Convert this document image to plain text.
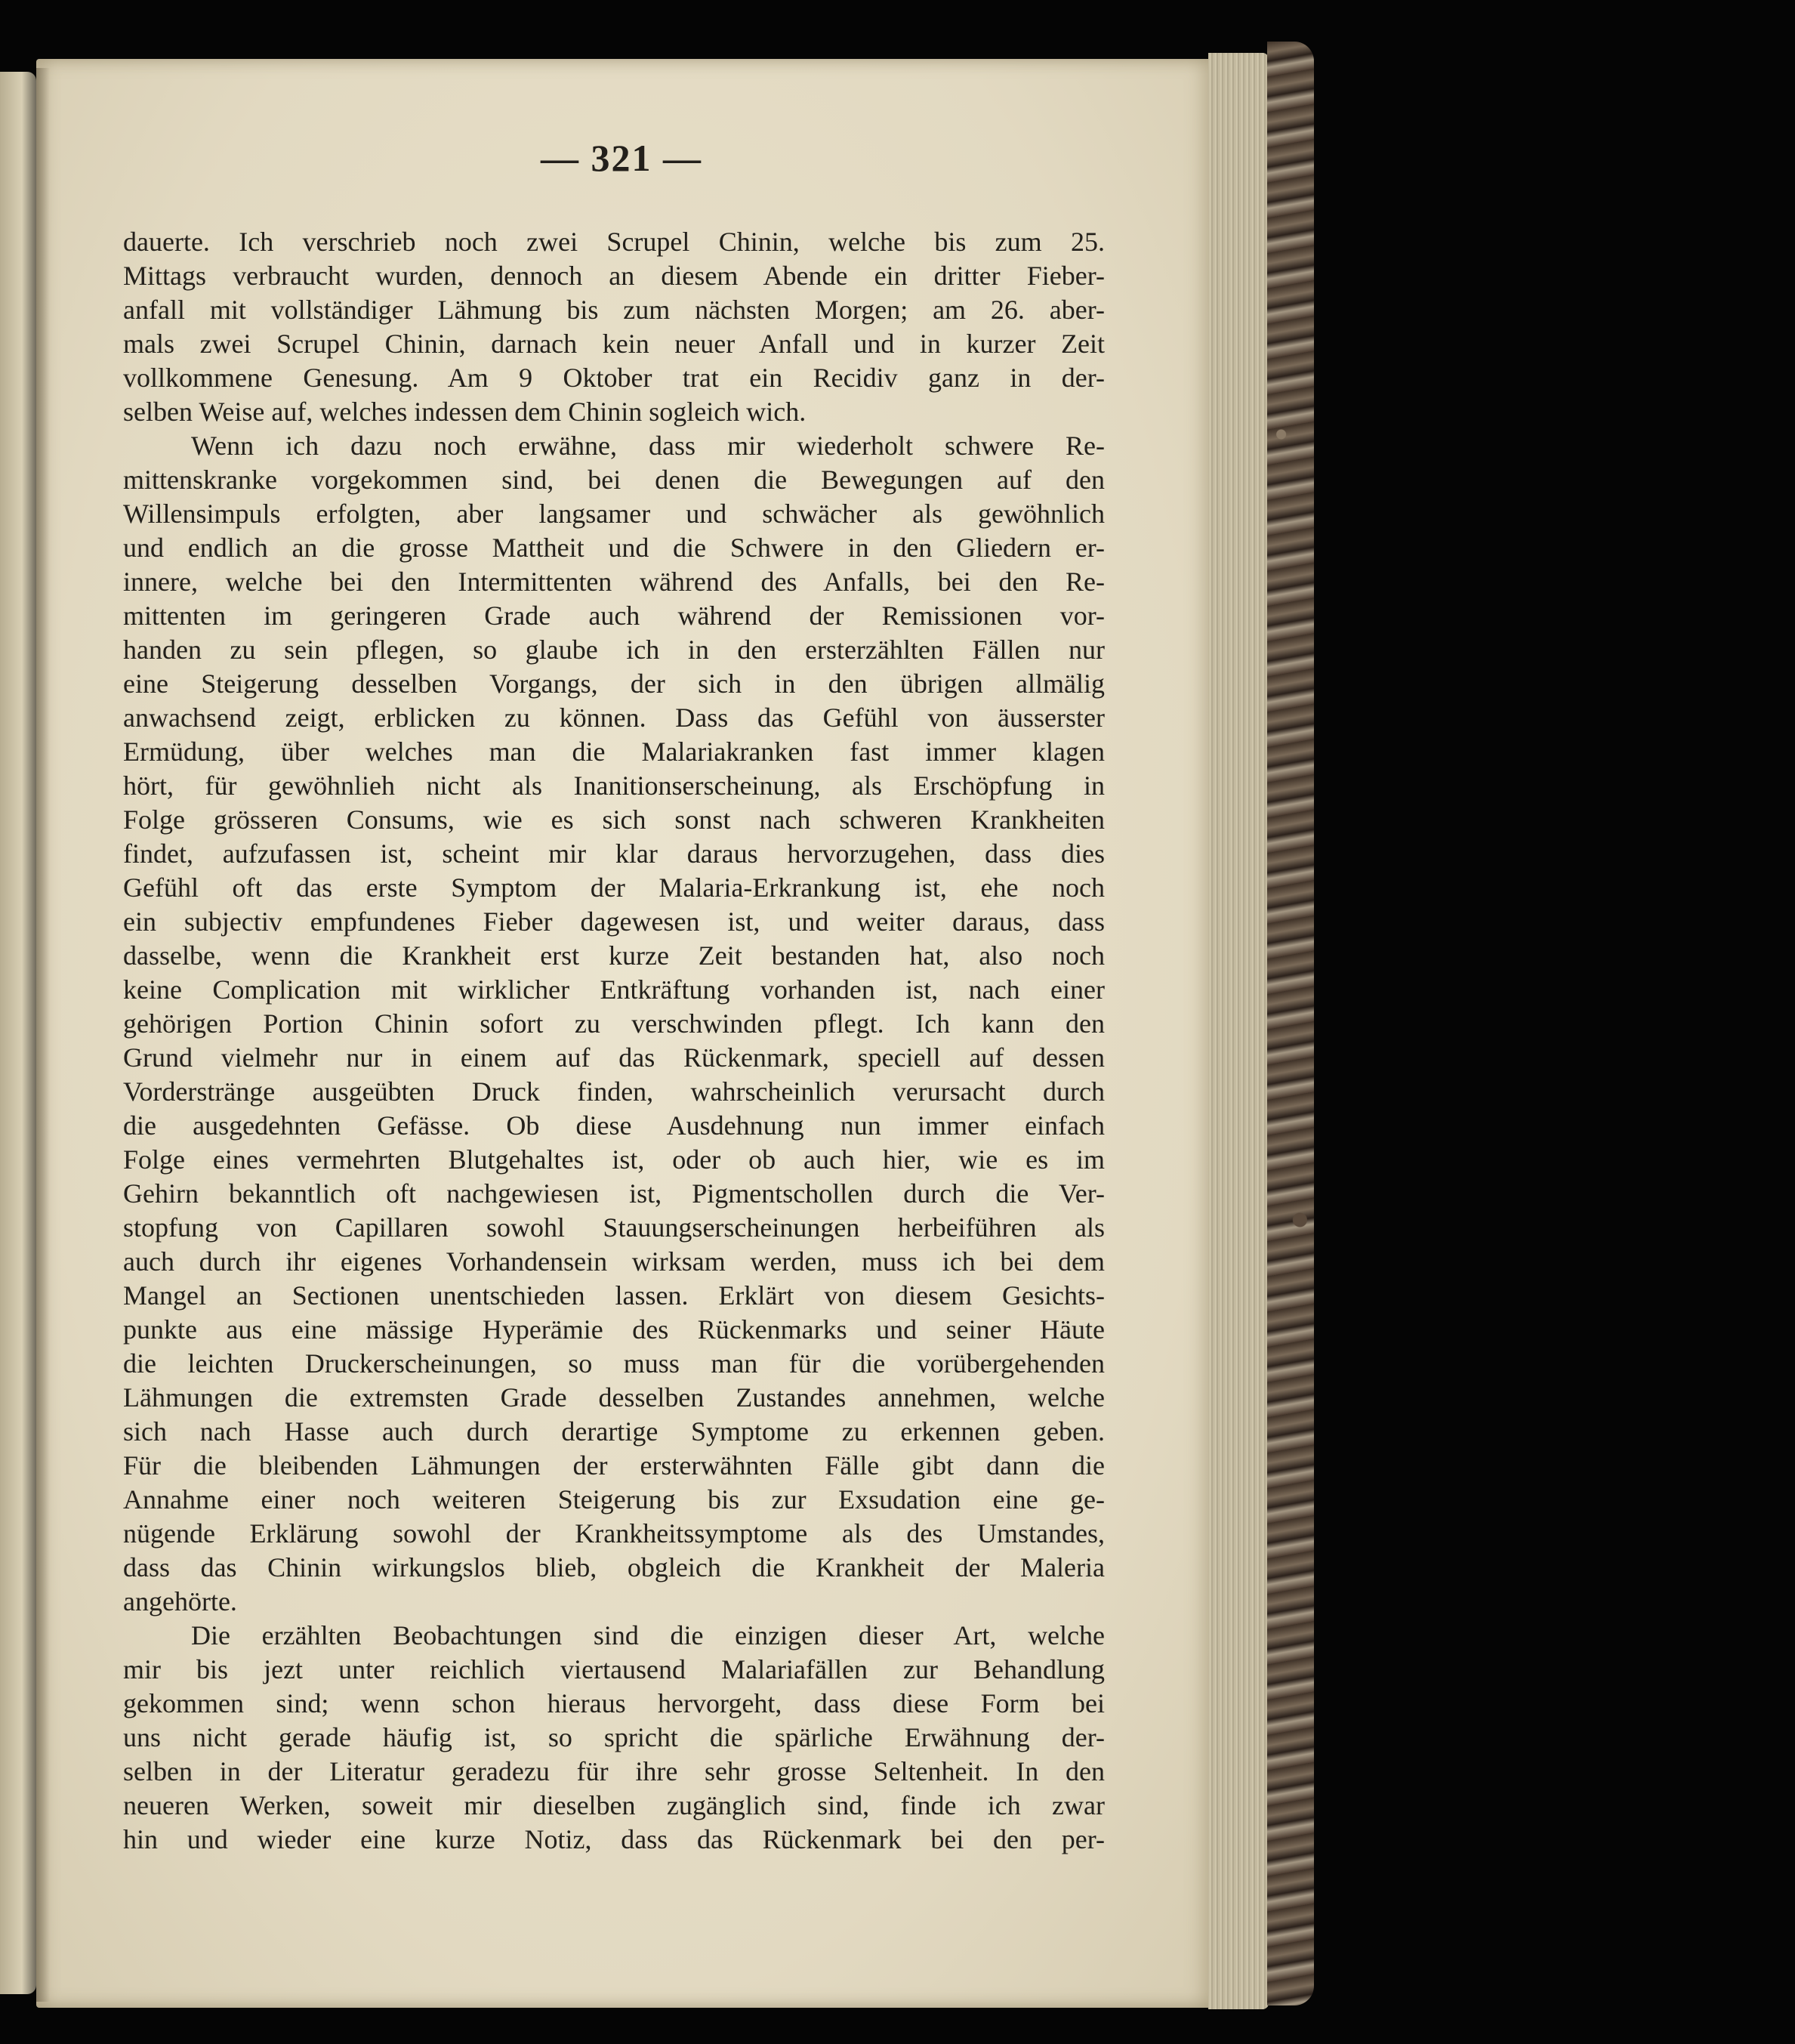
— 321 —
dauerte. Ich verschrieb noch zwei Scrupel Chinin, welche bis zum 25.
Mittags verbraucht wurden, dennoch an diesem Abende ein dritter Fieber-
anfall mit vollständiger Lähmung bis zum nächsten Morgen; am 26. aber-
mals zwei Scrupel Chinin, darnach kein neuer Anfall und in kurzer Zeit
vollkommene Genesung. Am 9 Oktober trat ein Recidiv ganz in der-
selben Weise auf, welches indessen dem Chinin sogleich wich.
Wenn ich dazu noch erwähne, dass mir wiederholt schwere Re-
mittenskranke vorgekommen sind, bei denen die Bewegungen auf den
Willensimpuls erfolgten, aber langsamer und schwächer als gewöhnlich
und endlich an die grosse Mattheit und die Schwere in den Gliedern er-
innere, welche bei den Intermittenten während des Anfalls, bei den Re-
mittenten im geringeren Grade auch während der Remissionen vor-
handen zu sein pflegen, so glaube ich in den ersterzählten Fällen nur
eine Steigerung desselben Vorgangs, der sich in den übrigen allmälig
anwachsend zeigt, erblicken zu können. Dass das Gefühl von äusserster
Ermüdung, über welches man die Malariakranken fast immer klagen
hört, für gewöhnlieh nicht als Inanitionserscheinung, als Erschöpfung in
Folge grösseren Consums, wie es sich sonst nach schweren Krankheiten
findet, aufzufassen ist, scheint mir klar daraus hervorzugehen, dass dies
Gefühl oft das erste Symptom der Malaria-Erkrankung ist, ehe noch
ein subjectiv empfundenes Fieber dagewesen ist, und weiter daraus, dass
dasselbe, wenn die Krankheit erst kurze Zeit bestanden hat, also noch
keine Complication mit wirklicher Entkräftung vorhanden ist, nach einer
gehörigen Portion Chinin sofort zu verschwinden pflegt. Ich kann den
Grund vielmehr nur in einem auf das Rückenmark, speciell auf dessen
Vorderstränge ausgeübten Druck finden, wahrscheinlich verursacht durch
die ausgedehnten Gefässe. Ob diese Ausdehnung nun immer einfach
Folge eines vermehrten Blutgehaltes ist, oder ob auch hier, wie es im
Gehirn bekanntlich oft nachgewiesen ist, Pigmentschollen durch die Ver-
stopfung von Capillaren sowohl Stauungserscheinungen herbeiführen als
auch durch ihr eigenes Vorhandensein wirksam werden, muss ich bei dem
Mangel an Sectionen unentschieden lassen. Erklärt von diesem Gesichts-
punkte aus eine mässige Hyperämie des Rückenmarks und seiner Häute
die leichten Druckerscheinungen, so muss man für die vorübergehenden
Lähmungen die extremsten Grade desselben Zustandes annehmen, welche
sich nach Hasse auch durch derartige Symptome zu erkennen geben.
Für die bleibenden Lähmungen der ersterwähnten Fälle gibt dann die
Annahme einer noch weiteren Steigerung bis zur Exsudation eine ge-
nügende Erklärung sowohl der Krankheitssymptome als des Umstandes,
dass das Chinin wirkungslos blieb, obgleich die Krankheit der Maleria
angehörte.
Die erzählten Beobachtungen sind die einzigen dieser Art, welche
mir bis jezt unter reichlich viertausend Malariafällen zur Behandlung
gekommen sind; wenn schon hieraus hervorgeht, dass diese Form bei
uns nicht gerade häufig ist, so spricht die spärliche Erwähnung der-
selben in der Literatur geradezu für ihre sehr grosse Seltenheit. In den
neueren Werken, soweit mir dieselben zugänglich sind, finde ich zwar
hin und wieder eine kurze Notiz, dass das Rückenmark bei den per-
